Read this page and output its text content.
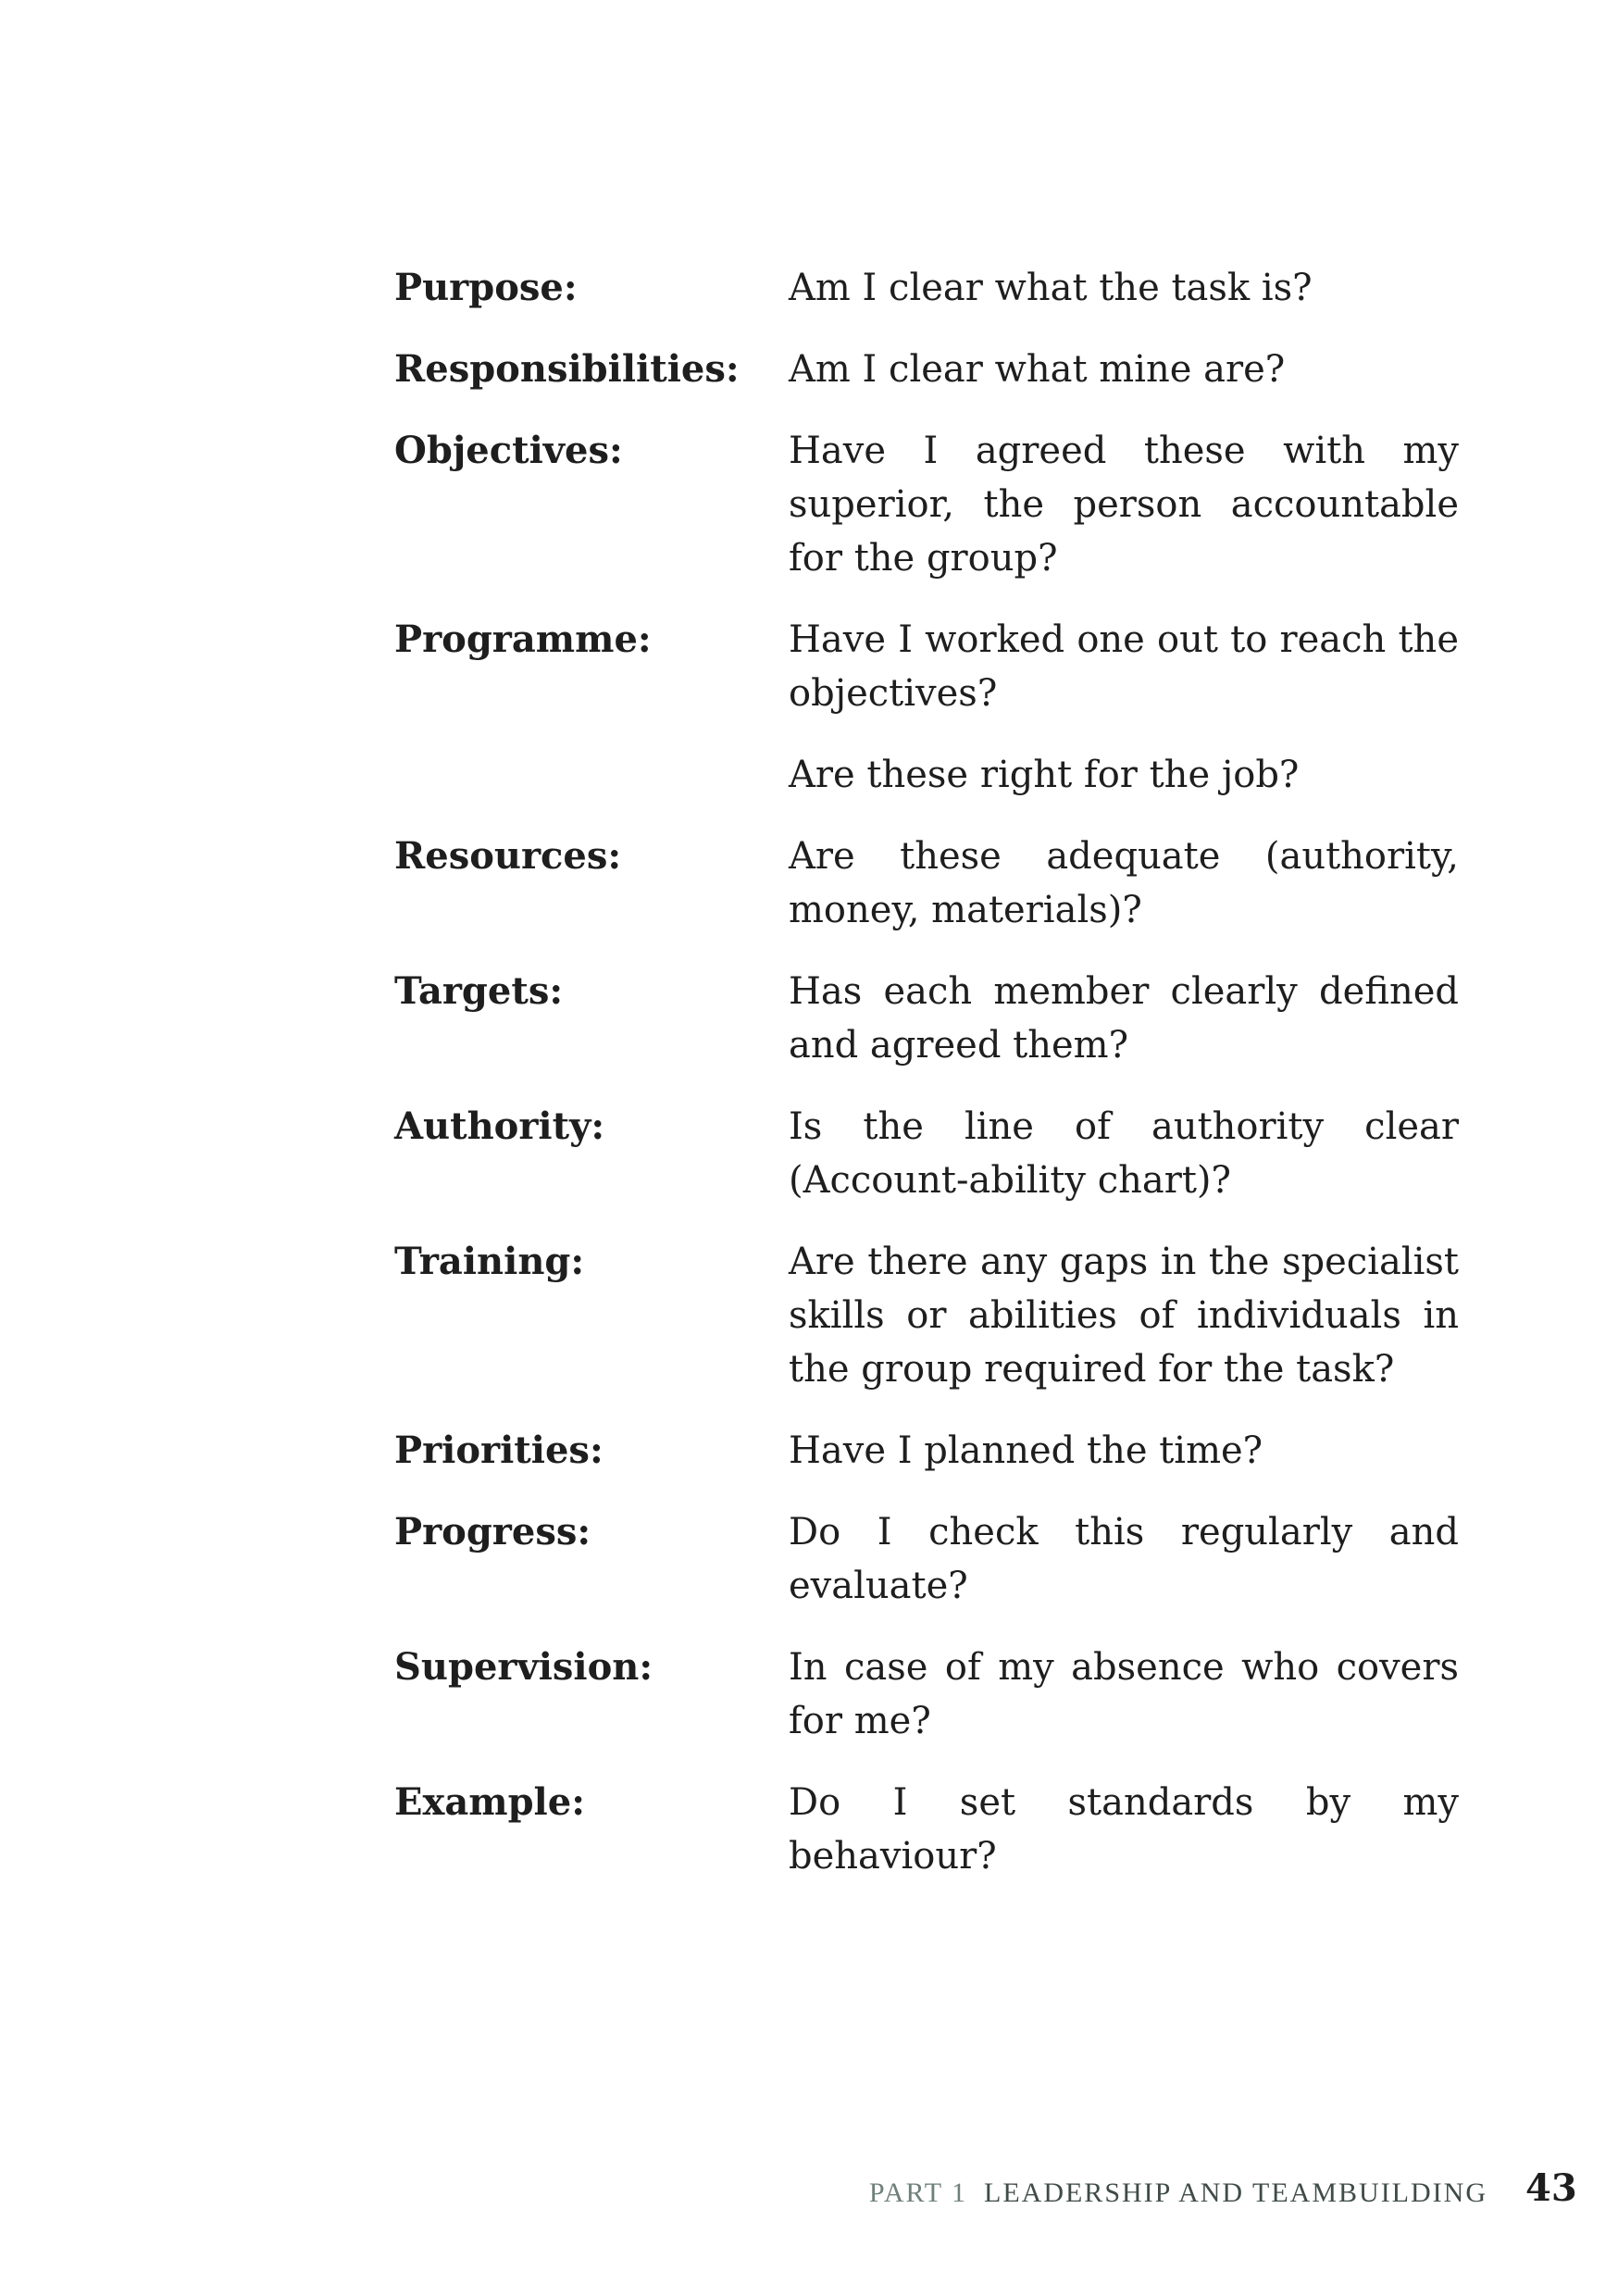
Purpose:	Am I clear what the task is?
Responsibilities:	Am I clear what mine are?
Objectives:	Have I agreed these with my superior, the person accountable for the group?
Programme:	Have I worked one out to reach the objectives?
Are these right for the job?
Resources:	Are these adequate (authority, money, materials)?
Targets:	Has each member clearly defined and agreed them?
Authority:	Is the line of authority clear (Account-ability chart)?
Training:	Are there any gaps in the specialist skills or abilities of individuals in the group required for the task?
Priorities:	Have I planned the time?
Progress:	Do I check this regularly and evaluate?
Supervision:	In case of my absence who covers for me?
Example:	Do I set standards by my behaviour?
PART 1 LEADERSHIP AND TEAMBUILDING 43
